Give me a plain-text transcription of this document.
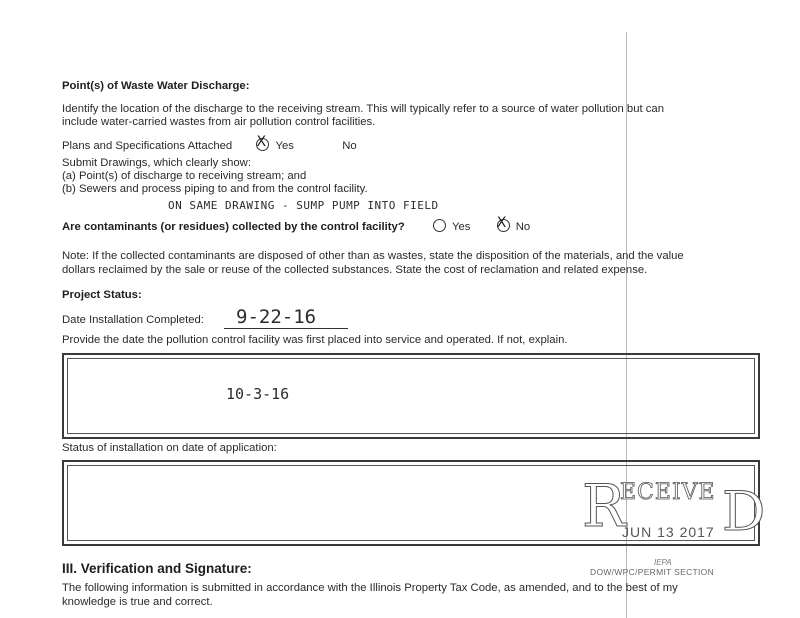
Point(s) of Waste Water Discharge:
Identify the location of the discharge to the receiving stream. This will typically refer to a source of water pollution but can
include water-carried wastes from air pollution control facilities.
Plans and Specifications Attached X	Yes	No
Submit Drawings, which clearly show:
(a) Point(s) of discharge to receiving stream; and
(b) Sewers and process piping to and from the control facility.
ON SAME DRAWING - SUMP PUMP INTO FIELD
Are contaminants (or residues) collected by the control facility?	Yes X	No
Note: If the collected contaminants are disposed of other than as wastes, state the disposition of the materials, and the value
dollars reclaimed by the sale or reuse of the collected substances. State the cost of reclamation and related expense.
Project Status:
Date Installation Completed: 9-22-16
Provide the date the pollution control facility was first placed into service and operated. If not, explain.
10-3-16
Status of installation on date of application:
R
ECEIVE D
JUN 13 2017
IEPA
DOW/WPC/PERMIT SECTION
III. Verification and Signature:
The following information is submitted in accordance with the Illinois Property Tax Code, as amended, and to the best of my
knowledge is true and correct.
